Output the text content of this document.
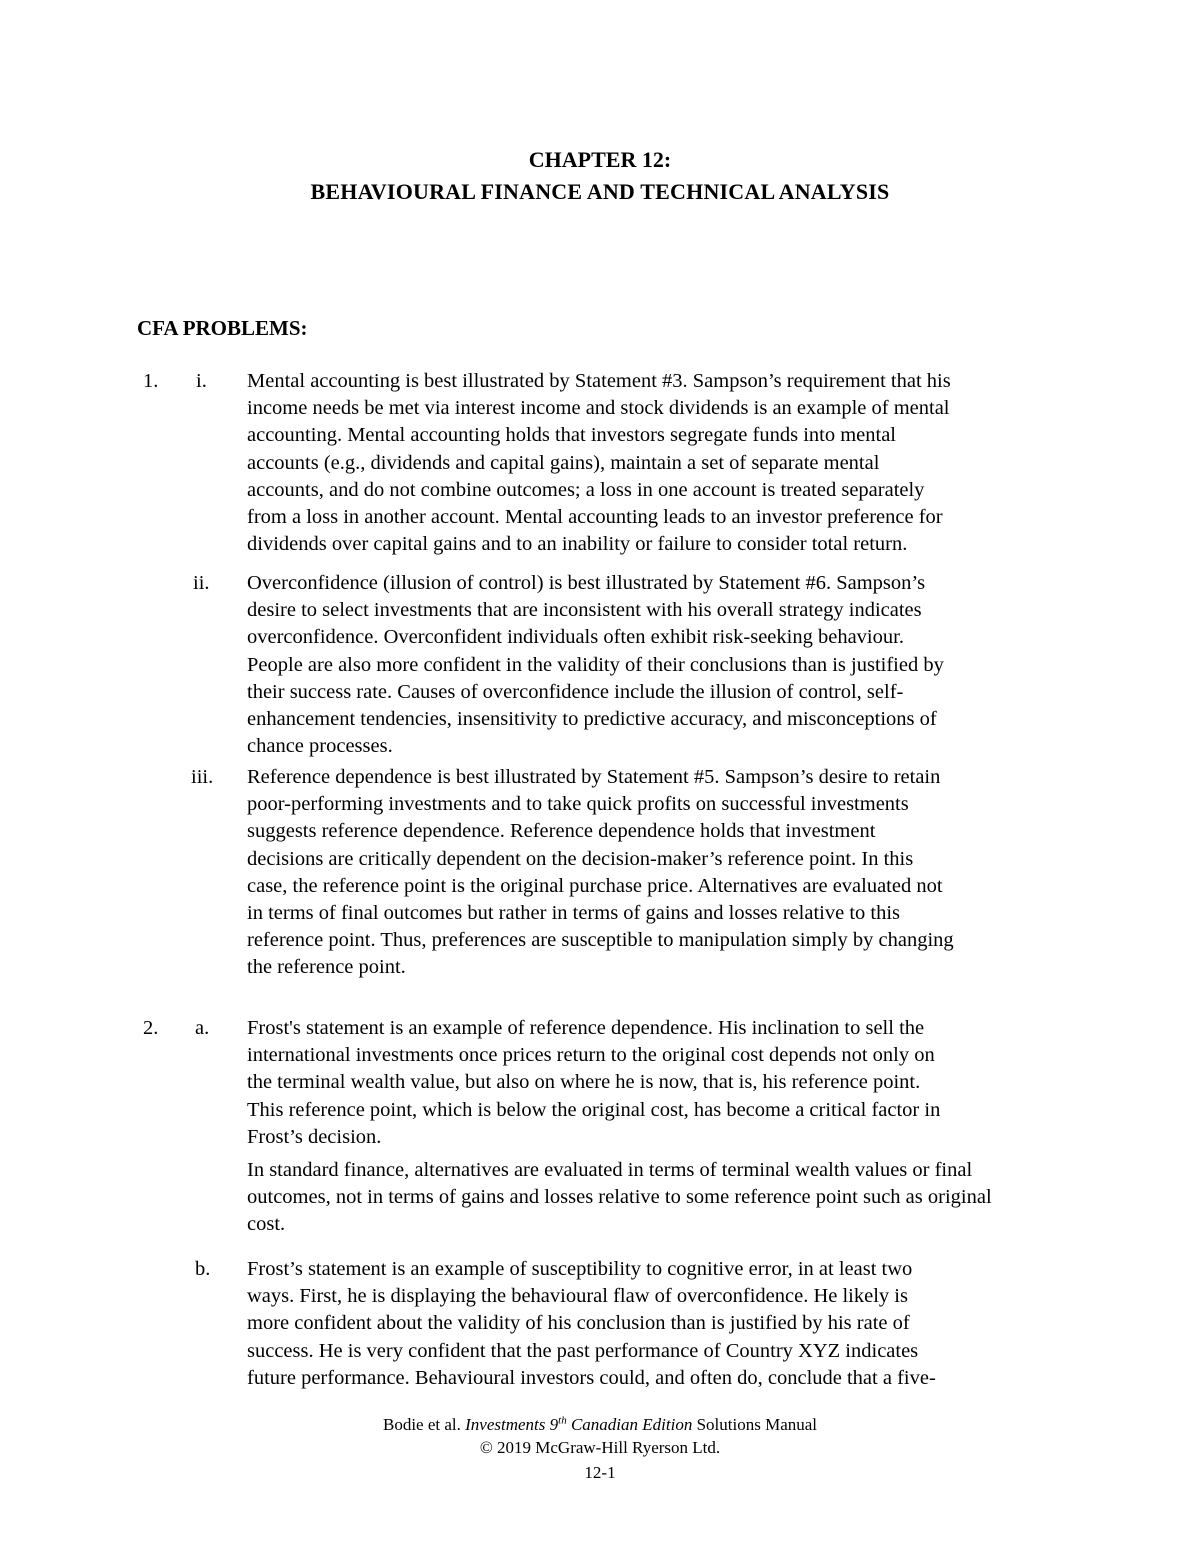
CHAPTER 12:
BEHAVIOURAL FINANCE AND TECHNICAL ANALYSIS
CFA PROBLEMS:
1. i. Mental accounting is best illustrated by Statement #3. Sampson’s requirement that his
income needs be met via interest income and stock dividends is an example of mental
accounting. Mental accounting holds that investors segregate funds into mental
accounts (e.g., dividends and capital gains), maintain a set of separate mental
accounts, and do not combine outcomes; a loss in one account is treated separately
from a loss in another account. Mental accounting leads to an investor preference for
dividends over capital gains and to an inability or failure to consider total return.
ii. Overconfidence (illusion of control) is best illustrated by Statement #6. Sampson’s
desire to select investments that are inconsistent with his overall strategy indicates
overconfidence. Overconfident individuals often exhibit risk-seeking behaviour.
People are also more confident in the validity of their conclusions than is justified by
their success rate. Causes of overconfidence include the illusion of control, self-
enhancement tendencies, insensitivity to predictive accuracy, and misconceptions of
chance processes.
iii. Reference dependence is best illustrated by Statement #5. Sampson’s desire to retain
poor-performing investments and to take quick profits on successful investments
suggests reference dependence. Reference dependence holds that investment
decisions are critically dependent on the decision-maker’s reference point. In this
case, the reference point is the original purchase price. Alternatives are evaluated not
in terms of final outcomes but rather in terms of gains and losses relative to this
reference point. Thus, preferences are susceptible to manipulation simply by changing
the reference point.
2. a. Frost's statement is an example of reference dependence. His inclination to sell the
international investments once prices return to the original cost depends not only on
the terminal wealth value, but also on where he is now, that is, his reference point.
This reference point, which is below the original cost, has become a critical factor in
Frost’s decision.
In standard finance, alternatives are evaluated in terms of terminal wealth values or final
outcomes, not in terms of gains and losses relative to some reference point such as original
cost.
b. Frost’s statement is an example of susceptibility to cognitive error, in at least two
ways. First, he is displaying the behavioural flaw of overconfidence. He likely is
more confident about the validity of his conclusion than is justified by his rate of
success. He is very confident that the past performance of Country XYZ indicates
future performance. Behavioural investors could, and often do, conclude that a five-
Bodie et al. Investments 9th Canadian Edition Solutions Manual
© 2019 McGraw-Hill Ryerson Ltd.
12-1
